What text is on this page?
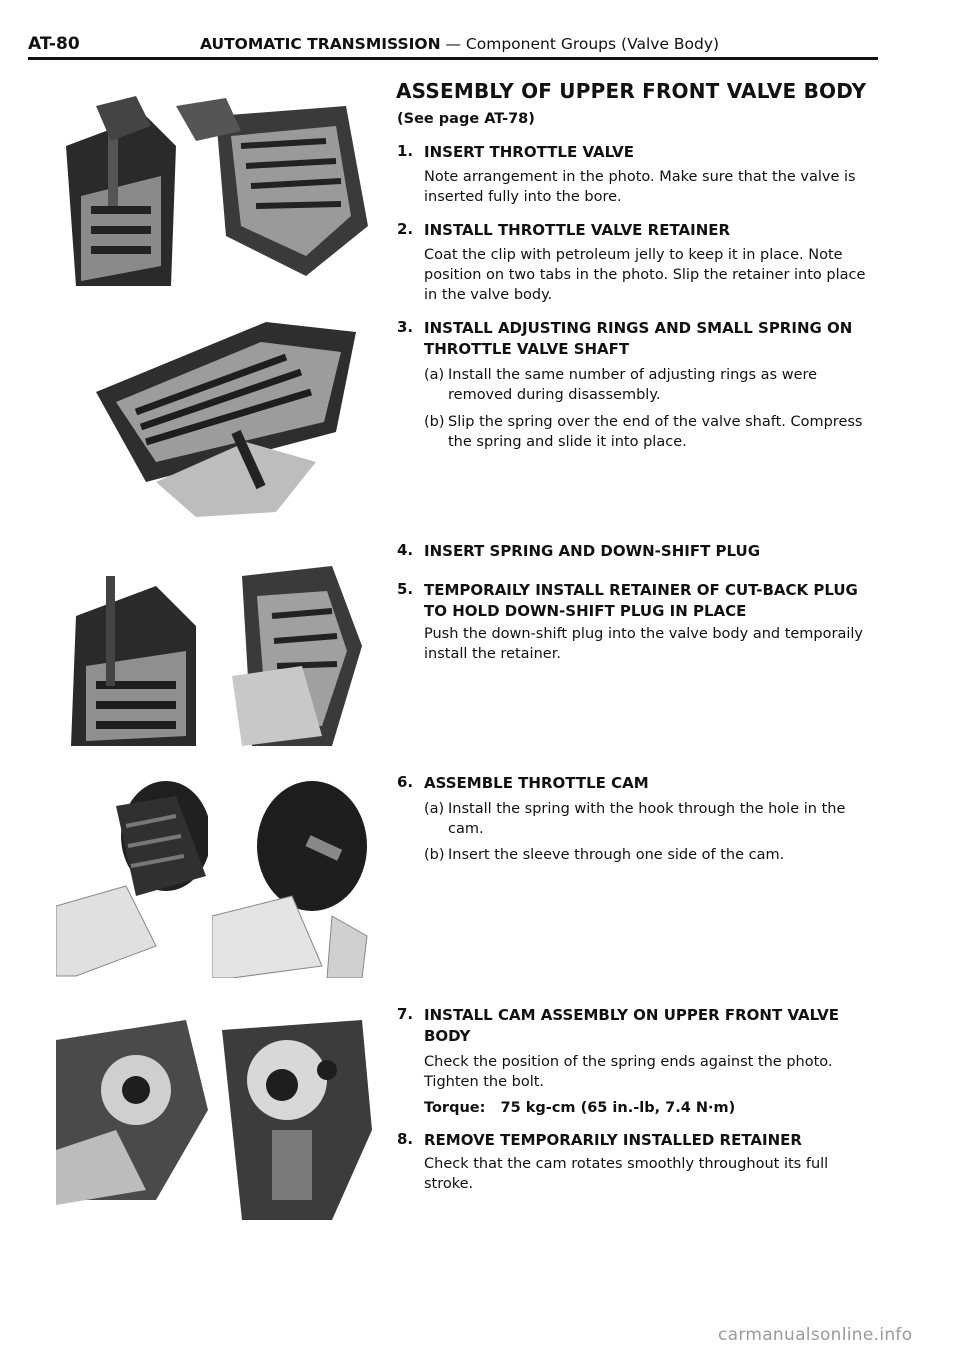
AT-80	AUTOMATIC TRANSMISSION — Component Groups (Valve Body)
ASSEMBLY OF UPPER FRONT VALVE BODY
(See page AT-78)
1. INSERT THROTTLE VALVE
Note arrangement in the photo. Make sure that the valve is inserted fully into the bore.
2. INSTALL THROTTLE VALVE RETAINER
Coat the clip with petroleum jelly to keep it in place. Note position on two tabs in the photo. Slip the retainer into place in the valve body.
3. INSTALL ADJUSTING RINGS AND SMALL SPRING ON THROTTLE VALVE SHAFT
(a) Install the same number of adjusting rings as were removed during disassembly.
(b) Slip the spring over the end of the valve shaft. Compress the spring and slide it into place.
4. INSERT SPRING AND DOWN-SHIFT PLUG
5. TEMPORAILY INSTALL RETAINER OF CUT-BACK PLUG TO HOLD DOWN-SHIFT PLUG IN PLACE
Push the down-shift plug into the valve body and temporaily install the retainer.
6. ASSEMBLE THROTTLE CAM
(a) Install the spring with the hook through the hole in the cam.
(b) Insert the sleeve through one side of the cam.
7. INSTALL CAM ASSEMBLY ON UPPER FRONT VALVE BODY
Check the position of the spring ends against the photo. Tighten the bolt.
Torque:   75 kg-cm (65 in.-lb, 7.4 N·m)
8. REMOVE TEMPORARILY INSTALLED RETAINER
Check that the cam rotates smoothly throughout its full stroke.
carmanualsonline.info
